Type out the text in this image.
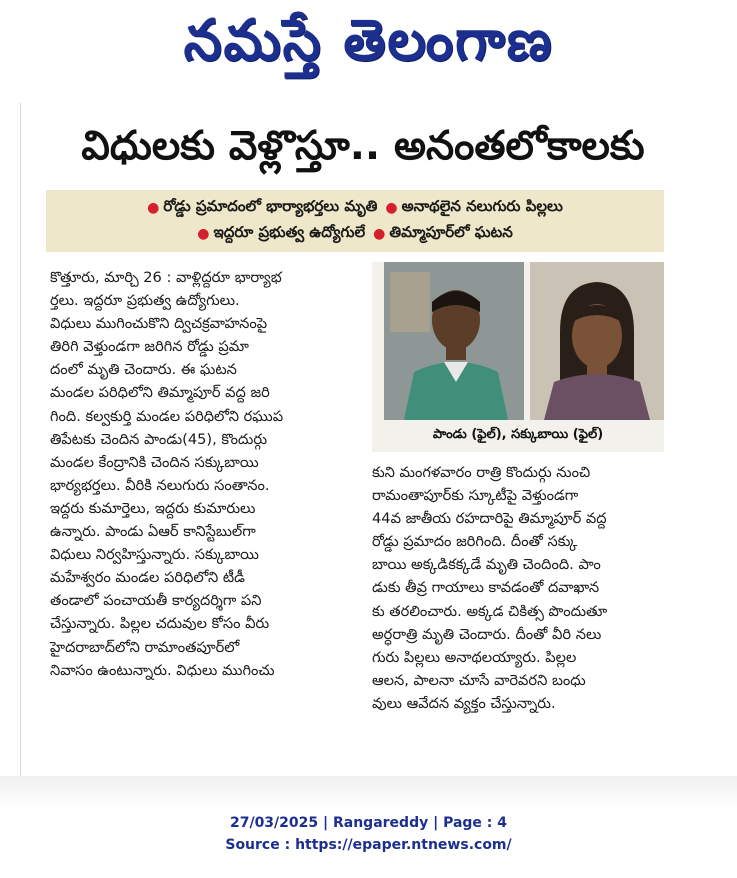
నమస్తే తెలంగాణ
విధులకు వెళ్లొస్తూ.. అనంతలోకాలకు
● రోడ్డు ప్రమాదంలో భార్యాభర్తలు మృతి ● అనాథలైన నలుగురు పిల్లలు
● ఇద్దరూ ప్రభుత్వ ఉద్యోగులే ● తిమ్మాపూర్‌లో ఘటన

కొత్తూరు, మార్చి 26 : వాళ్లిద్దరూ భార్యాభ

ర్తలు. ఇద్దరూ ప్రభుత్వ ఉద్యోగులు.

విధులు ముగించుకొని ద్విచక్రవాహనంపై

తిరిగి వెళ్తుండగా జరిగిన రోడ్డు ప్రమా

దంలో మృతి చెందారు. ఈ ఘటన

మండల పరిధిలోని తిమ్మాపూర్ వద్ద జరి

గింది. కల్వకుర్తి మండల పరిధిలోని రఘుప

తిపేటకు చెందిన పాండు(45), కొందుర్గు

మండల కేంద్రానికి చెందిన సక్కుబాయి

భార్యభర్తలు. వీరికి నలుగురు సంతానం.

ఇద్దరు కుమార్తెలు, ఇద్దరు కుమారులు

ఉన్నారు. పాండు ఏఆర్ కానిస్టేబుల్‌గా

విధులు నిర్వహిస్తున్నారు. సక్కుబాయి

మహేశ్వరం మండల పరిధిలోని టీడీ

తండాలో పంచాయతీ కార్యదర్శిగా పని

చేస్తున్నారు. పిల్లల చదువుల కోసం వీరు

హైదరాబాద్‌లోని రామాంతపూర్‌లో

నివాసం ఉంటున్నారు. విధులు ముగించు

పాండు (ఫైల్), సక్కుబాయి (ఫైల్)

కుని మంగళవారం రాత్రి కొందుర్గు నుంచి

రామంతాపూర్‌కు స్కూటీపై వెళ్తుండగా

44వ జాతీయ రహదారిపై తిమ్మాపూర్ వద్ద

రోడ్డు ప్రమాదం జరిగింది. దీంతో సక్కు

బాయి అక్కడికక్కడే మృతి చెందింది. పాం

డుకు తీవ్ర గాయాలు కావడంతో దవాఖాన

కు తరలించారు. అక్కడ చికిత్స పొందుతూ

అర్ధరాత్రి మృతి చెందారు. దీంతో వీరి నలు

గురు పిల్లలు అనాథలయ్యారు. పిల్లల

ఆలన, పాలనా చూసే వారెవరని బంధు

వులు ఆవేదన వ్యక్తం చేస్తున్నారు.

27/03/2025 | Rangareddy | Page : 4
Source : https://epaper.ntnews.com/
